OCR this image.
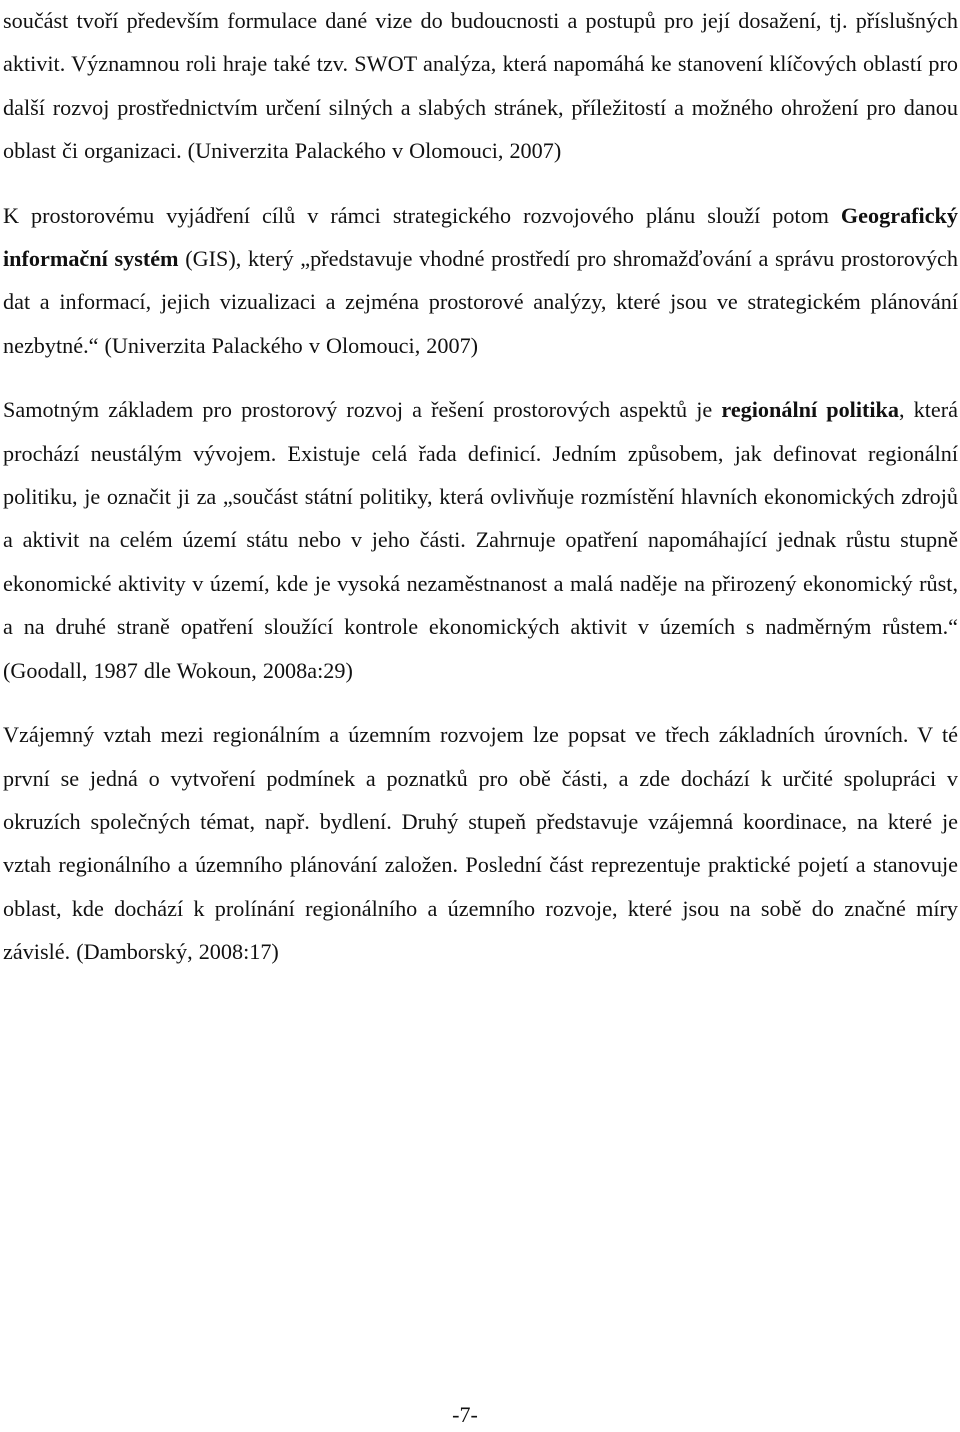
součást tvoří především formulace dané vize do budoucnosti a postupů pro její dosažení, tj. příslušných aktivit. Významnou roli hraje také tzv. SWOT analýza, která napomáhá ke stanovení klíčových oblastí pro další rozvoj prostřednictvím určení silných a slabých stránek, příležitostí a možného ohrožení pro danou oblast či organizaci. (Univerzita Palackého v Olomouci, 2007)
K prostorovému vyjádření cílů v rámci strategického rozvojového plánu slouží potom Geografický informační systém (GIS), který „představuje vhodné prostředí pro shromažďování a správu prostorových dat a informací, jejich vizualizaci a zejména prostorové analýzy, které jsou ve strategickém plánování nezbytné.“ (Univerzita Palackého v Olomouci, 2007)
Samotným základem pro prostorový rozvoj a řešení prostorových aspektů je regionální politika, která prochází neustálým vývojem. Existuje celá řada definicí. Jedním způsobem, jak definovat regionální politiku, je označit ji za „součást státní politiky, která ovlivňuje rozmístění hlavních ekonomických zdrojů a aktivit na celém území státu nebo v jeho části. Zahrnuje opatření napomáhající jednak růstu stupně ekonomické aktivity v území, kde je vysoká nezaměstnanost a malá naděje na přirozený ekonomický růst, a na druhé straně opatření sloužící kontrole ekonomických aktivit v územích s nadměrným růstem.“ (Goodall, 1987 dle Wokoun, 2008a:29)
Vzájemný vztah mezi regionálním a územním rozvojem lze popsat ve třech základních úrovních. V té první se jedná o vytvoření podmínek a poznatků pro obě části, a zde dochází k určité spolupráci v okruzích společných témat, např. bydlení. Druhý stupeň představuje vzájemná koordinace, na které je vztah regionálního a územního plánování založen. Poslední část reprezentuje praktické pojetí a stanovuje oblast, kde dochází k prolínání regionálního a územního rozvoje, které jsou na sobě do značné míry závislé. (Damborský, 2008:17)
-7-
